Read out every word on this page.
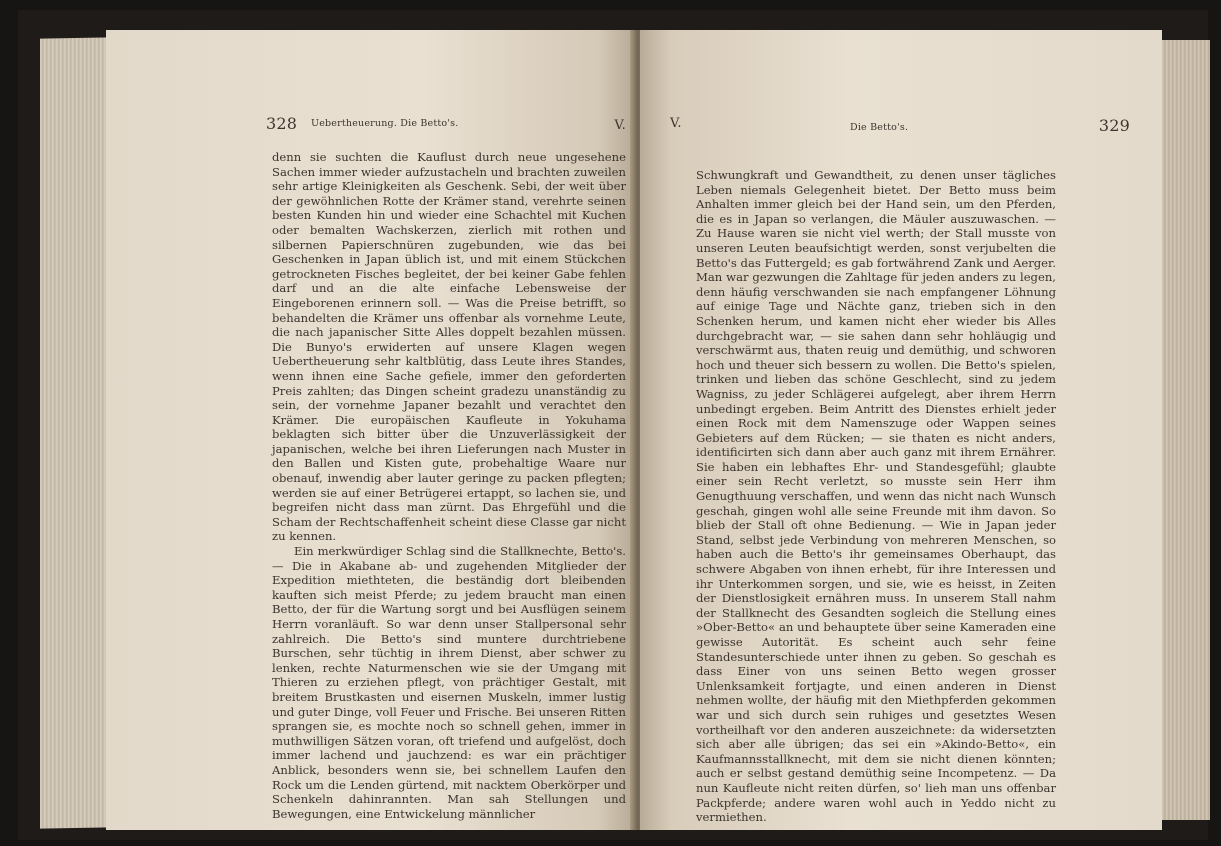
328 Uebertheuerung. Die Betto's.	V.

denn sie suchten die Kauflust durch neue ungesehene Sachen immer wieder aufzustacheln und brachten zuweilen sehr artige Kleinigkeiten als Geschenk. Sebi, der weit über der gewöhnlichen Rotte der Krämer stand, verehrte seinen besten Kunden hin und wieder eine Schachtel mit Kuchen oder bemalten Wachskerzen, zierlich mit rothen und silbernen Papierschnüren zugebunden, wie das bei Geschenken in Japan üblich ist, und mit einem Stückchen getrockneten Fisches begleitet, der bei keiner Gabe fehlen darf und an die alte einfache Lebensweise der Eingeborenen erinnern soll. — Was die Preise betrifft, so behandelten die Krämer uns offenbar als vornehme Leute, die nach japanischer Sitte Alles doppelt bezahlen müssen. Die Bunyo's erwiderten auf unsere Klagen wegen Uebertheuerung sehr kaltblütig, dass Leute ihres Standes, wenn ihnen eine Sache gefiele, immer den geforderten Preis zahlten; das Dingen scheint gradezu unanständig zu sein, der vornehme Japaner bezahlt und verachtet den Krämer. Die europäischen Kaufleute in Yokuhama beklagten sich bitter über die Unzuverlässigkeit der japanischen, welche bei ihren Lieferungen nach Muster in den Ballen und Kisten gute, probehaltige Waare nur obenauf, inwendig aber lauter geringe zu packen pflegten; werden sie auf einer Betrügerei ertappt, so lachen sie, und begreifen nicht dass man zürnt. Das Ehrgefühl und die Scham der Rechtschaffenheit scheint diese Classe gar nicht zu kennen.

Ein merkwürdiger Schlag sind die Stallknechte, Betto's. — Die in Akabane ab- und zugehenden Mitglieder der Expedition miethteten, die beständig dort bleibenden kauften sich meist Pferde; zu jedem braucht man einen Betto, der für die Wartung sorgt und bei Ausflügen seinem Herrn voranläuft. So war denn unser Stallpersonal sehr zahlreich. Die Betto's sind muntere durchtriebene Burschen, sehr tüchtig in ihrem Dienst, aber schwer zu lenken, rechte Naturmenschen wie sie der Umgang mit Thieren zu erziehen pflegt, von prächtiger Gestalt, mit breitem Brustkasten und eisernen Muskeln, immer lustig und guter Dinge, voll Feuer und Frische. Bei unseren Ritten sprangen sie, es mochte noch so schnell gehen, immer in muthwilligen Sätzen voran, oft triefend und aufgelöst, doch immer lachend und jauchzend: es war ein prächtiger Anblick, besonders wenn sie, bei schnellem Laufen den Rock um die Lenden gürtend, mit nacktem Oberkörper und Schenkeln dahinrannten. Man sah Stellungen und Bewegungen, eine Entwickelung männlicher

V.	Die Betto's.	329

Schwungkraft und Gewandtheit, zu denen unser tägliches Leben niemals Gelegenheit bietet. Der Betto muss beim Anhalten immer gleich bei der Hand sein, um den Pferden, die es in Japan so verlangen, die Mäuler auszuwaschen. — Zu Hause waren sie nicht viel werth; der Stall musste von unseren Leuten beaufsichtigt werden, sonst verjubelten die Betto's das Futtergeld; es gab fortwährend Zank und Aerger. Man war gezwungen die Zahltage für jeden anders zu legen, denn häufig verschwanden sie nach empfangener Löhnung auf einige Tage und Nächte ganz, trieben sich in den Schenken herum, und kamen nicht eher wieder bis Alles durchgebracht war, — sie sahen dann sehr hohläugig und verschwärmt aus, thaten reuig und demüthig, und schworen hoch und theuer sich bessern zu wollen. Die Betto's spielen, trinken und lieben das schöne Geschlecht, sind zu jedem Wagniss, zu jeder Schlägerei aufgelegt, aber ihrem Herrn unbedingt ergeben. Beim Antritt des Dienstes erhielt jeder einen Rock mit dem Namenszuge oder Wappen seines Gebieters auf dem Rücken; — sie thaten es nicht anders, identificirten sich dann aber auch ganz mit ihrem Ernährer. Sie haben ein lebhaftes Ehr- und Standesgefühl; glaubte einer sein Recht verletzt, so musste sein Herr ihm Genugthuung verschaffen, und wenn das nicht nach Wunsch geschah, gingen wohl alle seine Freunde mit ihm davon. So blieb der Stall oft ohne Bedienung. — Wie in Japan jeder Stand, selbst jede Verbindung von mehreren Menschen, so haben auch die Betto's ihr gemeinsames Oberhaupt, das schwere Abgaben von ihnen erhebt, für ihre Interessen und ihr Unterkommen sorgen, und sie, wie es heisst, in Zeiten der Dienstlosigkeit ernähren muss. In unserem Stall nahm der Stallknecht des Gesandten sogleich die Stellung eines »Ober-Betto« an und behauptete über seine Kameraden eine gewisse Autorität. Es scheint auch sehr feine Standesunterschiede unter ihnen zu geben. So geschah es dass Einer von uns seinen Betto wegen grosser Unlenksamkeit fortjagte, und einen anderen in Dienst nehmen wollte, der häufig mit den Miethpferden gekommen war und sich durch sein ruhiges und gesetztes Wesen vortheilhaft vor den anderen auszeichnete: da widersetzten sich aber alle übrigen; das sei ein »Akindo-Betto«, ein Kaufmannsstallknecht, mit dem sie nicht dienen könnten; auch er selbst gestand demüthig seine Incompetenz. — Da nun Kaufleute nicht reiten dürfen, so' lieh man uns offenbar Packpferde; andere waren wohl auch in Yeddo nicht zu vermiethen.
